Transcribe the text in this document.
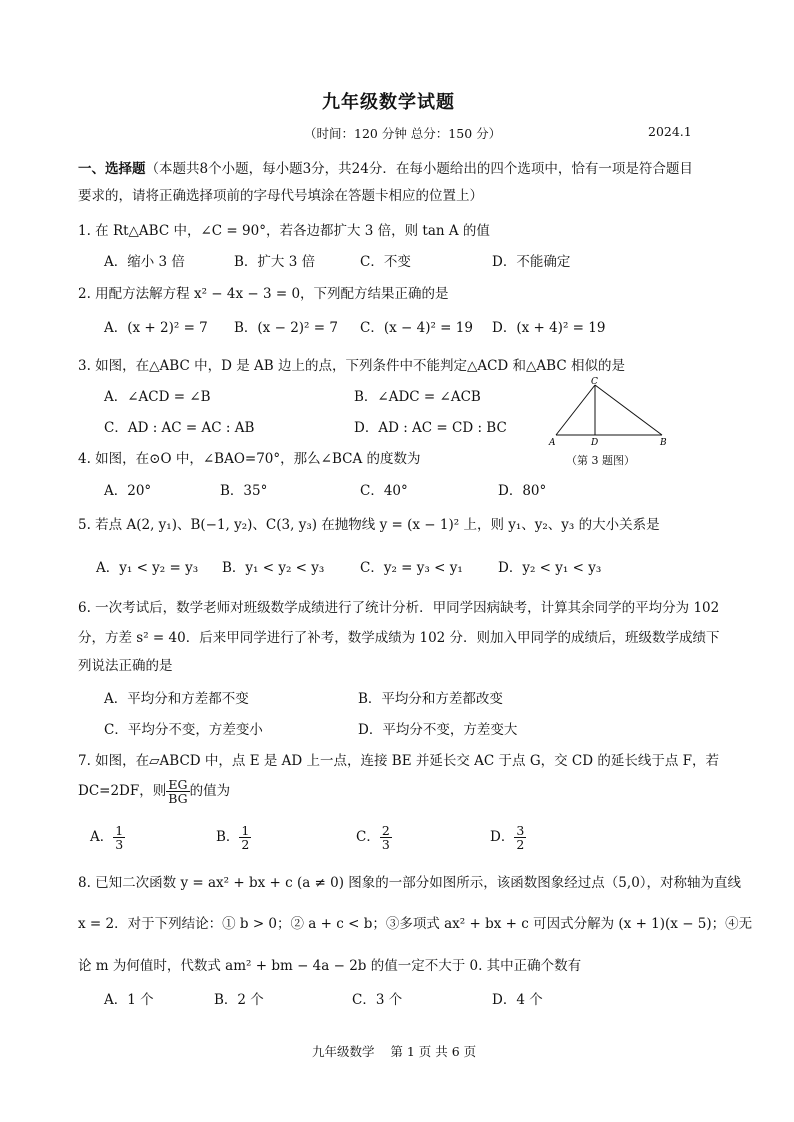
九年级数学试题
（时间：120 分钟 总分：150 分）	2024.1
一、选择题（本题共8个小题，每小题3分，共24分．在每小题给出的四个选项中，恰有一项是符合题目
要求的，请将正确选择项前的字母代号填涂在答题卡相应的位置上）
1. 在 Rt△ABC 中，∠C = 90°，若各边都扩大 3 倍，则 tan A 的值
A．缩小 3 倍	B．扩大 3 倍	C．不变	D．不能确定
2. 用配方法解方程 x² − 4x − 3 = 0，下列配方结果正确的是
A．(x + 2)² = 7 B．(x − 2)² = 7 C．(x − 4)² = 19 D．(x + 4)² = 19
3. 如图，在△ABC 中，D 是 AB 边上的点，下列条件中不能判定△ACD 和△ABC 相似的是
A．∠ACD = ∠B	B．∠ADC = ∠ACB
C．AD : AC = AC : AB	D．AD : AC = CD : BC
C
A	D	B
（第 3 题图）
4. 如图，在⊙O 中，∠BAO=70°，那么∠BCA 的度数为
A．20°	B．35°	C．40°	D．80°
5. 若点 A(2, y₁)、B(−1, y₂)、C(3, y₃) 在抛物线 y = (x − 1)² 上，则 y₁、y₂、y₃ 的大小关系是
A．y₁ < y₂ = y₃ B．y₁ < y₂ < y₃	C．y₂ = y₃ < y₁	D．y₂ < y₁ < y₃
6. 一次考试后，数学老师对班级数学成绩进行了统计分析．甲同学因病缺考，计算其余同学的平均分为 102
分，方差 s² = 40．后来甲同学进行了补考，数学成绩为 102 分．则加入甲同学的成绩后，班级数学成绩下
列说法正确的是
A．平均分和方差都不变	B．平均分和方差都改变
C．平均分不变，方差变小	D．平均分不变，方差变大
7. 如图，在▱ABCD 中，点 E 是 AD 上一点，连接 BE 并延长交 AC 于点 G，交 CD 的延长线于点 F，若
DC=2DF，则 $\frac{EG}{BG}$ 的值为
A． $\frac{1}{3}$	B． $\frac{1}{2}$	C． $\frac{2}{3}$	D． $\frac{3}{2}$
8. 已知二次函数 y = ax² + bx + c (a ≠ 0) 图象的一部分如图所示，该函数图象经过点（5,0），对称轴为直线
x = 2．对于下列结论：① b > 0；② a + c < b；③多项式 ax² + bx + c 可因式分解为 (x + 1)(x − 5)；④无
论 m 为何值时，代数式 am² + bm − 4a − 2b 的值一定不大于 0. 其中正确个数有
A．1 个	B．2 个	C．3 个	D．4 个
九年级数学    第 1 页 共 6 页
